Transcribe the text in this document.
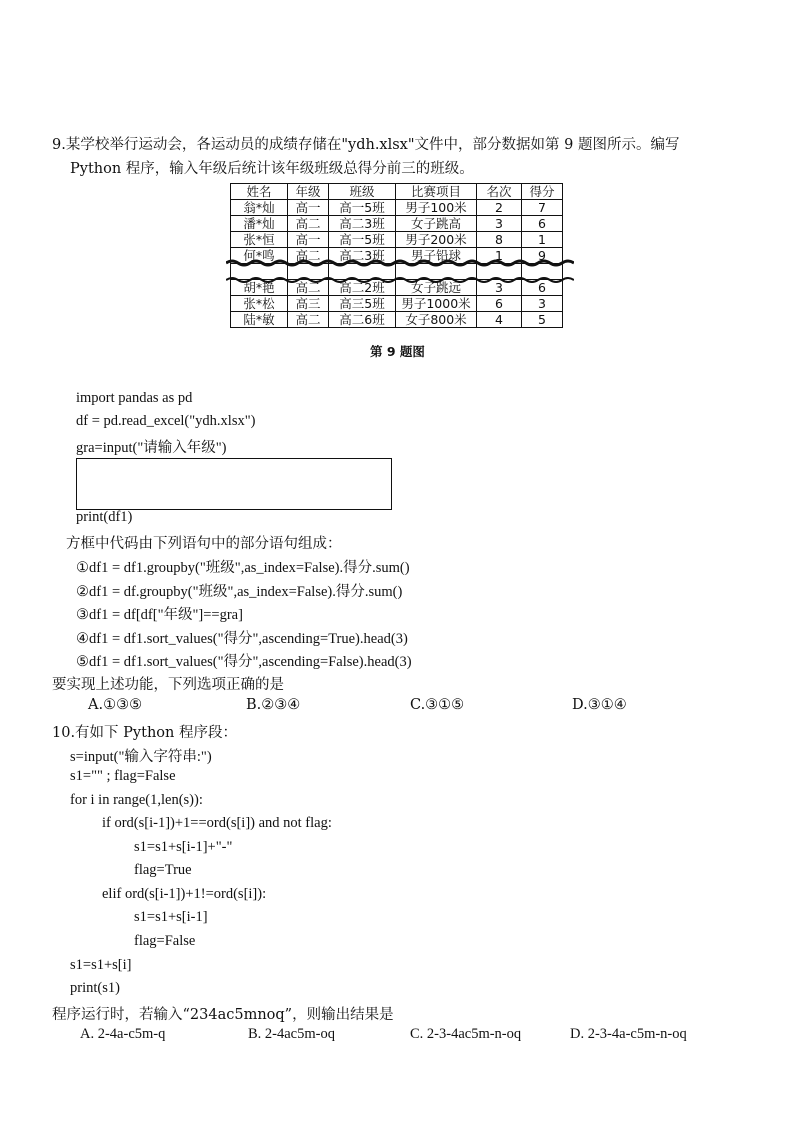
9.某学校举行运动会，各运动员的成绩存储在"ydh.xlsx"文件中，部分数据如第 9 题图所示。编写
Python 程序，输入年级后统计该年级班级总得分前三的班级。
姓名	年级	班级	比赛项目	名次	得分
翁*灿	高一	高一5班	男子100米	2	7
潘*灿	高二	高二3班	女子跳高	3	6
张*恒	高一	高一5班	男子200米	8	1
何*鸣	高二	高二3班	男子铅球	1	9

胡*艳	高二	高二2班	女子跳远	3	6
张*松	高三	高三5班	男子1000米	6	3
陆*敏	高二	高二6班	女子800米	4	5
第 9 题图
import pandas as pd
df = pd.read_excel("ydh.xlsx")
gra=input("请输入年级")
print(df1)
方框中代码由下列语句中的部分语句组成：
①df1 = df1.groupby("班级",as_index=False).得分.sum()
②df1 = df.groupby("班级",as_index=False).得分.sum()
③df1 = df[df["年级"]==gra]
④df1 = df1.sort_values("得分",ascending=True).head(3)
⑤df1 = df1.sort_values("得分",ascending=False).head(3)
要实现上述功能，下列选项正确的是
A.①③⑤	B.②③④	C.③①⑤	D.③①④
10.有如下 Python 程序段：
s=input("输入字符串:")
s1="" ; flag=False
for i in range(1,len(s)):
if ord(s[i-1])+1==ord(s[i]) and not flag:
s1=s1+s[i-1]+"-"
flag=True
elif ord(s[i-1])+1!=ord(s[i]):
s1=s1+s[i-1]
flag=False
s1=s1+s[i]
print(s1)
程序运行时，若输入“234ac5mnoq”，则输出结果是
A. 2-4a-c5m-q	B. 2-4ac5m-oq	C. 2-3-4ac5m-n-oq	D. 2-3-4a-c5m-n-oq
